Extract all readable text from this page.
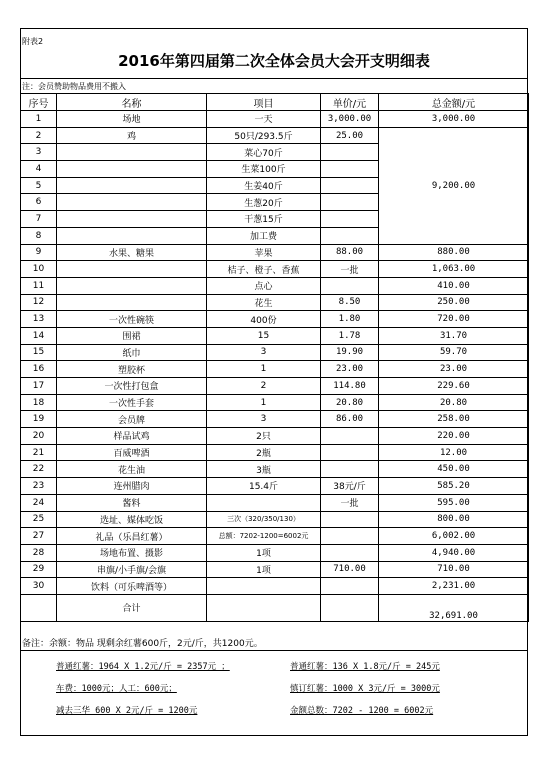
附表2
2016年第四届第二次全体会员大会开支明细表
注：会员赞助物品费用不搬入
序号	名称	项目	单价/元	总金额/元
1	场地	一天	3,000.00	3,000.00
2	鸡	50只/293.5斤	25.00	9,200.00
3		菜心70斤		
4		生菜100斤		
5		生姜40斤		
6		生葱20斤		
7		干葱15斤		
8		加工费		
9	水果、糖果	苹果	88.00	880.00
10		桔子、橙子、香蕉	一批	1,063.00
11		点心		410.00
12		花生	8.50	250.00
13	一次性碗筷	400份	1.80	720.00
14	围裙	15	1.78	31.70
15	纸巾	3	19.90	59.70
16	塑胶杯	1	23.00	23.00
17	一次性打包盒	2	114.80	229.60
18	一次性手套	1	20.80	20.80
19	会员牌	3	86.00	258.00
20	样品试鸡	2只		220.00
21	百威啤酒	2瓶		12.00
22	花生油	3瓶		450.00
23	连州腊肉	15.4斤	38元/斤	585.20
24	酱料		一批	595.00
25	选址、媒体吃饭	三次（320/350/130）		800.00
27	礼品（乐昌红薯）	总额：7202-1200=6002元		6,002.00
28	场地布置、摄影	1项		4,940.00
29	串旗/小手旗/会旗	1项	710.00	710.00
30	饮料（可乐啤酒等）			2,231.00
	合计			32,691.00
备注：余额：物品 现剩余红薯600斤，2元/斤，共1200元。
普通红薯：1964 X 1.2元/斤 = 2357元 ；	普通红薯：136 X 1.8元/斤 = 245元
车费：1000元；人工：600元；	慎订红薯：1000 X 3元/斤 = 3000元
减去三华 600 X 2元/斤 = 1200元	金额总数：7202 - 1200 = 6002元
